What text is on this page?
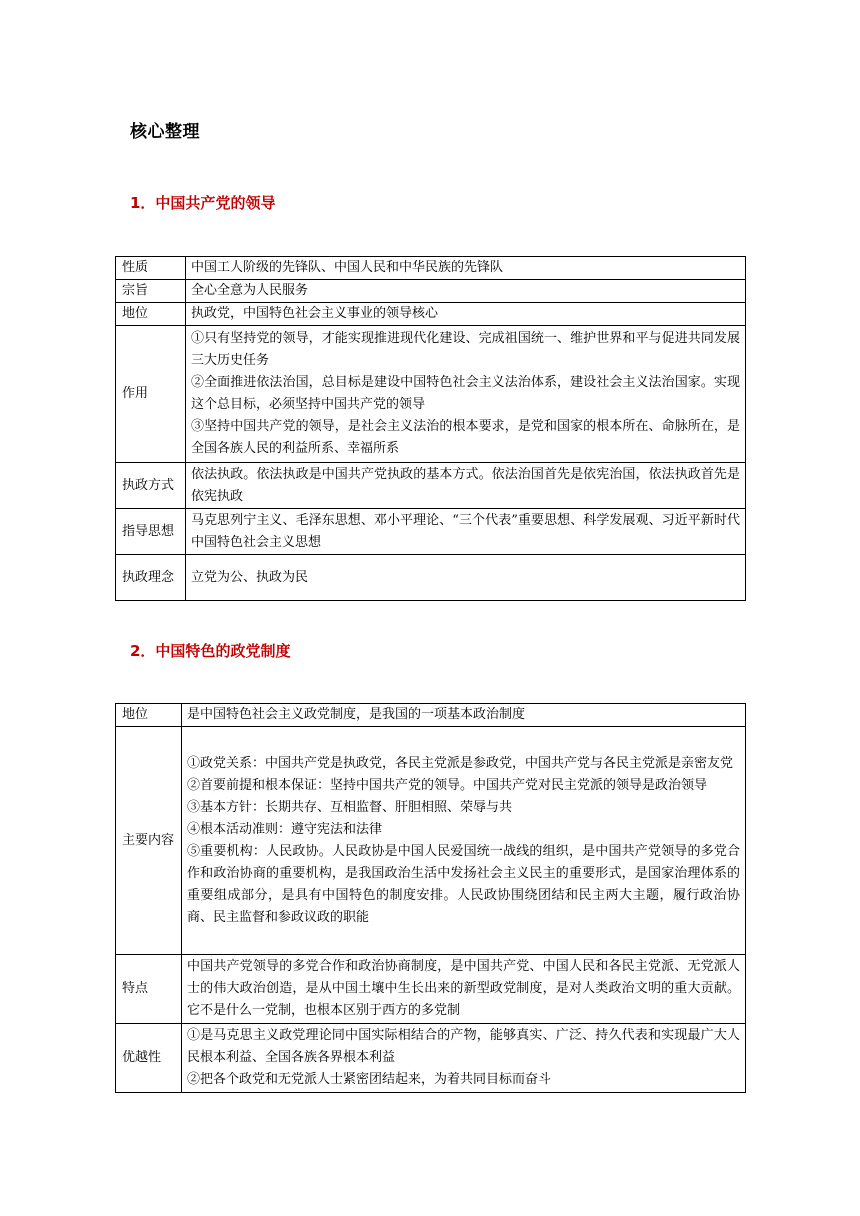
核心整理
1．中国共产党的领导
性质	中国工人阶级的先锋队、中国人民和中华民族的先锋队

宗旨	全心全意为人民服务

地位	执政党，中国特色社会主义事业的领导核心

作用	①只有坚持党的领导，才能实现推进现代化建设、完成祖国统一、维护世界和平与促进共同发展三大历史任务
②全面推进依法治国，总目标是建设中国特色社会主义法治体系，建设社会主义法治国家。实现这个总目标，必须坚持中国共产党的领导
③坚持中国共产党的领导，是社会主义法治的根本要求，是党和国家的根本所在、命脉所在，是全国各族人民的利益所系、幸福所系

执政方式	依法执政。依法执政是中国共产党执政的基本方式。依法治国首先是依宪治国，依法执政首先是依宪执政

指导思想	马克思列宁主义、毛泽东思想、邓小平理论、“三个代表”重要思想、科学发展观、习近平新时代中国特色社会主义思想

执政理念	立党为公、执政为民
2．中国特色的政党制度
地位	是中国特色社会主义政党制度，是我国的一项基本政治制度

主要内容	①政党关系：中国共产党是执政党，各民主党派是参政党，中国共产党与各民主党派是亲密友党
②首要前提和根本保证：坚持中国共产党的领导。中国共产党对民主党派的领导是政治领导
③基本方针：长期共存、互相监督、肝胆相照、荣辱与共
④根本活动准则：遵守宪法和法律
⑤重要机构：人民政协。人民政协是中国人民爱国统一战线的组织，是中国共产党领导的多党合作和政治协商的重要机构，是我国政治生活中发扬社会主义民主的重要形式，是国家治理体系的重要组成部分，是具有中国特色的制度安排。人民政协围绕团结和民主两大主题，履行政治协商、民主监督和参政议政的职能

特点	中国共产党领导的多党合作和政治协商制度，是中国共产党、中国人民和各民主党派、无党派人士的伟大政治创造，是从中国土壤中生长出来的新型政党制度，是对人类政治文明的重大贡献。它不是什么一党制，也根本区别于西方的多党制

优越性	①是马克思主义政党理论同中国实际相结合的产物，能够真实、广泛、持久代表和实现最广大人民根本利益、全国各族各界根本利益
②把各个政党和无党派人士紧密团结起来，为着共同目标而奋斗
